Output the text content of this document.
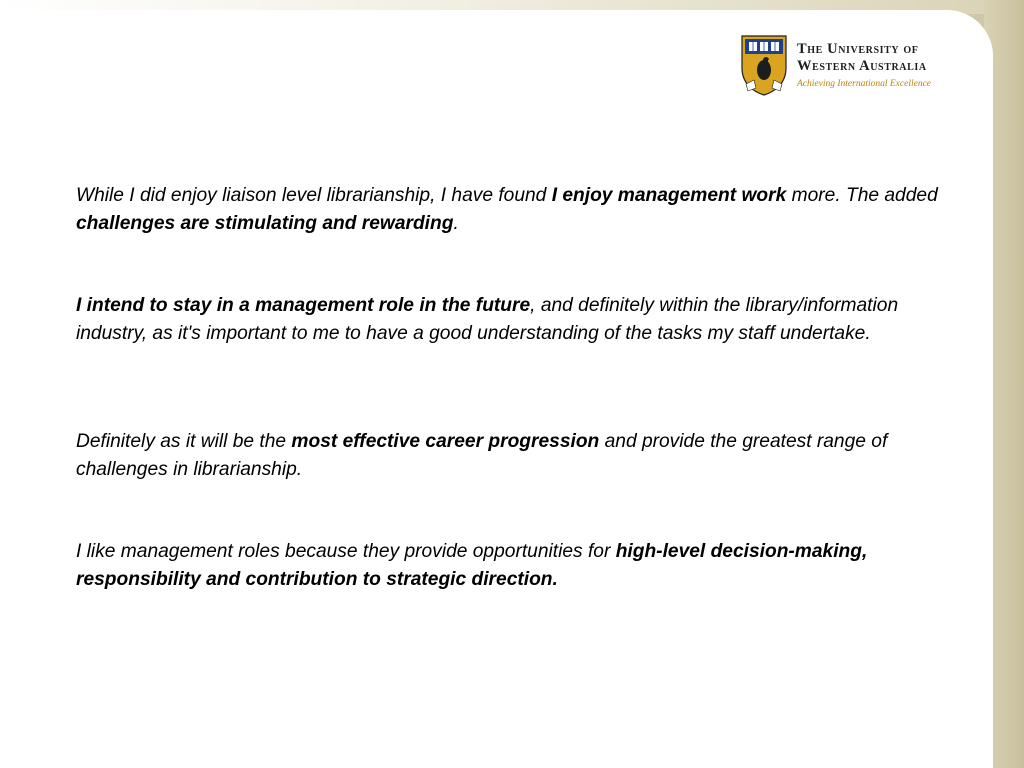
The University of
Western Australia
Achieving International Excellence

While I did enjoy liaison level librarianship, I have found I enjoy management work more. The added challenges are stimulating and rewarding.

I intend to stay in a management role in the future, and definitely within the library/information industry, as it's important to me to have a good understanding of the tasks my staff undertake.

Definitely as it will be the most effective career progression and provide the greatest range of challenges in librarianship.

I like management roles because they provide opportunities for high-level decision-making, responsibility and contribution to strategic direction.
